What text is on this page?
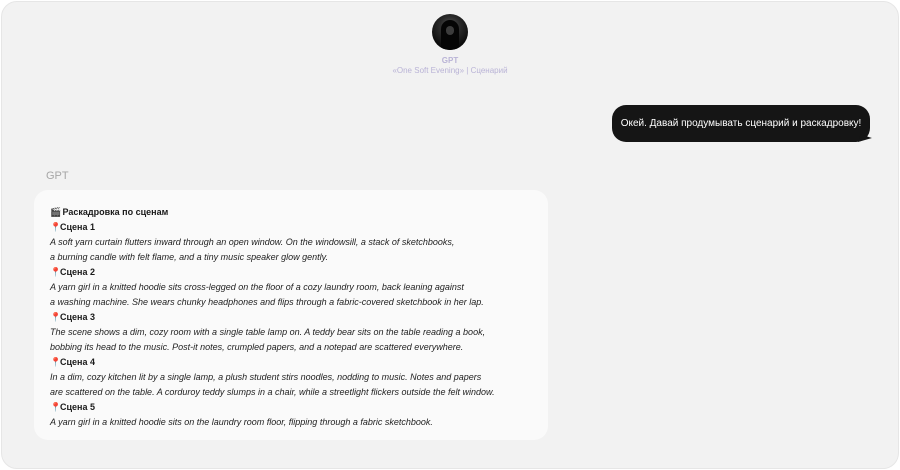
GPT
«One Soft Evening» | Сценарий
Окей. Давай продумывать сценарий и раскадровку!
GPT
🎬 Раскадровка по сценам
📍Сцена 1
A soft yarn curtain flutters inward through an open window. On the windowsill, a stack of sketchbooks,
a burning candle with felt flame, and a tiny music speaker glow gently.
📍Сцена 2
A yarn girl in a knitted hoodie sits cross-legged on the floor of a cozy laundry room, back leaning against
a washing machine. She wears chunky headphones and flips through a fabric-covered sketchbook in her lap.
📍Сцена 3
The scene shows a dim, cozy room with a single table lamp on. A teddy bear sits on the table reading a book,
bobbing its head to the music. Post-it notes, crumpled papers, and a notepad are scattered everywhere.
📍Сцена 4
In a dim, cozy kitchen lit by a single lamp, a plush student stirs noodles, nodding to music. Notes and papers
are scattered on the table. A corduroy teddy slumps in a chair, while a streetlight flickers outside the felt window.
📍Сцена 5
A yarn girl in a knitted hoodie sits on the laundry room floor, flipping through a fabric sketchbook.
